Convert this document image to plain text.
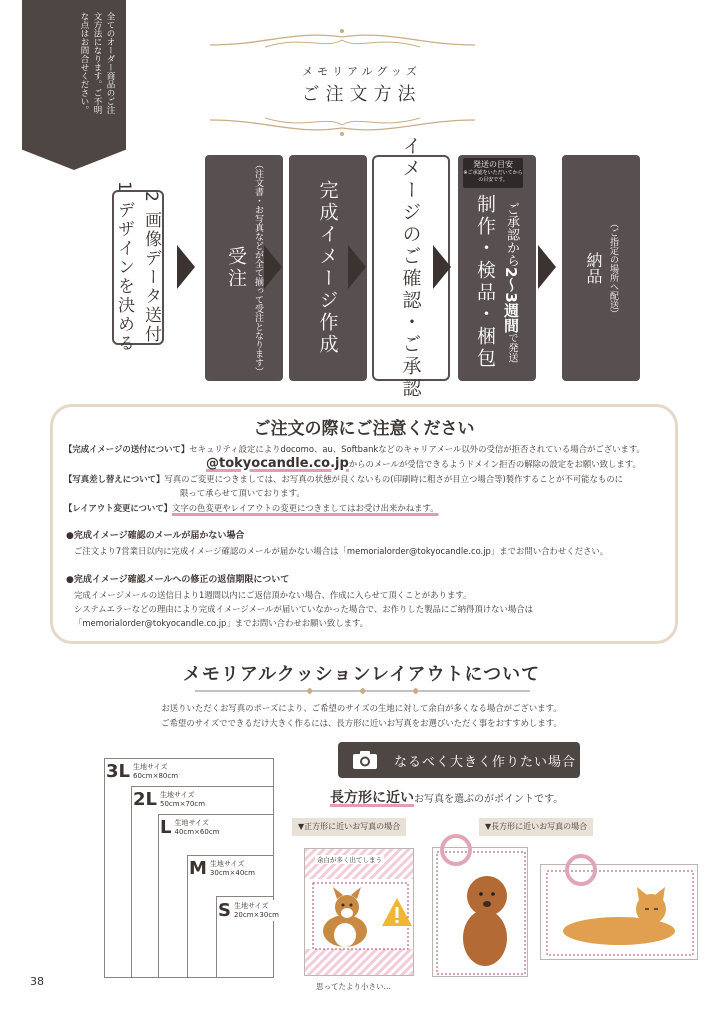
全てのオーダー商品のご注文方法になります。ご不明な点はお問合せください。	メモリアルグッズ
ご注文方法
2 画像データ送付
1 デザインを決める	（注文書・お写真などが全て揃って受注となります）
受注	完成イメージ作成	イメージのご確認・ご承認	ご承認から2〜3週間で発送
制作・検品・梱包
発送の目安
※ご承認をいただいてからの目安です。
（ご指定の場所へ配送）
納品
ご注文の際にご注意ください
【完成イメージの送付について】セキュリティ設定によりdocomo、au、Softbankなどのキャリアメール以外の受信が拒否されている場合がございます。
@tokyocandle.co.jpからのメールが受信できるようドメイン拒否の解除の設定をお願い致します。
【写真差し替えについて】写真のご変更につきましては、お写真の状態が良くないもの(印刷時に粗さが目立つ場合等)製作することが不可能なものに
限って承らせて頂いております。
【レイアウト変更について】文字の色変更やレイアウトの変更につきましてはお受け出来かねます。
●完成イメージ確認のメールが届かない場合
ご注文より7営業日以内に完成イメージ確認のメールが届かない場合は「memorialorder@tokyocandle.co.jp」までお問い合わせください。
●完成イメージ確認メールへの修正の返信期限について
完成イメージメールの送信日より1週間以内にご返信頂かない場合、作成に入らせて頂くことがあります。
システムエラーなどの理由により完成イメージメールが届いていなかった場合で、お作りした製品にご納得頂けない場合は
「memorialorder@tokyocandle.co.jp」までお問い合わせお願い致します。
メモリアルクッションレイアウトについて
お送りいただくお写真のポーズにより、ご希望のサイズの生地に対して余白が多くなる場合がございます。
ご希望のサイズでできるだけ大きく作るには、長方形に近いお写真をお選びいただく事をおすすめします。
3L 生地サイズ
60cm×80cm
2L 生地サイズ
50cm×70cm
L 生地サイズ
40cm×60cm
M 生地サイズ
30cm×40cm
S 生地サイズ
20cm×30cm
なるべく大きく作りたい場合
長方形に近いお写真を選ぶのがポイントです。
▼正方形に近いお写真の場合	▼長方形に近いお写真の場合
余白が多く出てしまう
思ってたより小さい…
38
